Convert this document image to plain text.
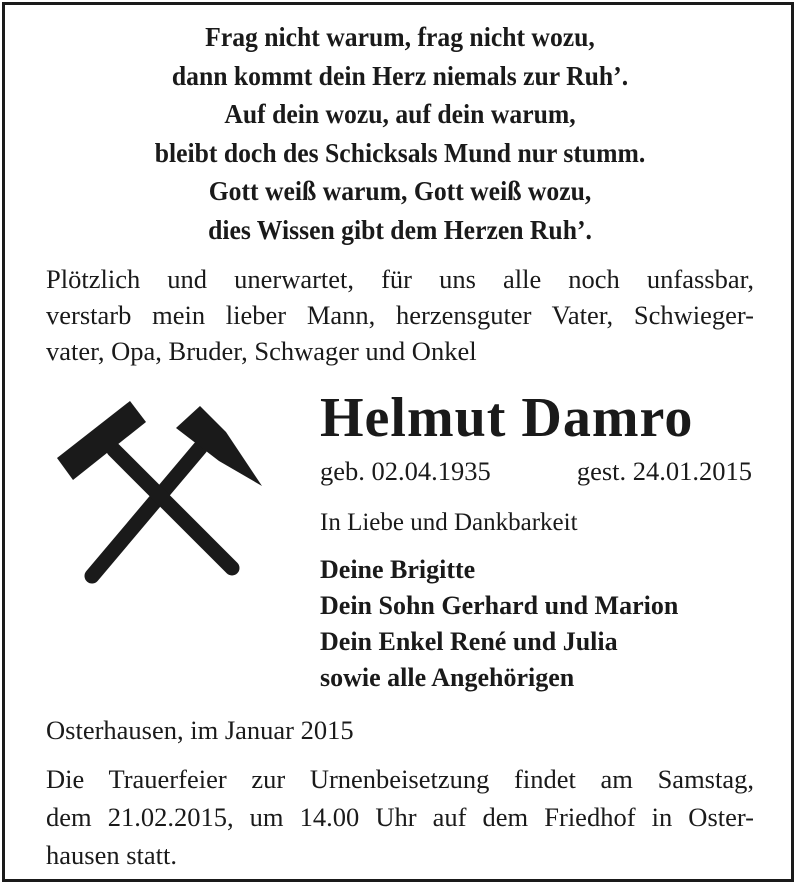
Frag nicht warum, frag nicht wozu,
dann kommt dein Herz niemals zur Ruh’.
Auf dein wozu, auf dein warum,
bleibt doch des Schicksals Mund nur stumm.
Gott weiß warum, Gott weiß wozu,
dies Wissen gibt dem Herzen Ruh’.
Plötzlich und unerwartet, für uns alle noch unfassbar,
verstarb mein lieber Mann, herzensguter Vater, Schwieger-
vater, Opa, Bruder, Schwager und Onkel
Helmut Damro
geb. 02.04.1935	gest. 24.01.2015
In Liebe und Dankbarkeit
Deine Brigitte
Dein Sohn Gerhard und Marion
Dein Enkel René und Julia
sowie alle Angehörigen
Osterhausen, im Januar 2015
Die Trauerfeier zur Urnenbeisetzung findet am Samstag,
dem 21.02.2015, um 14.00 Uhr auf dem Friedhof in Oster-
hausen statt.
